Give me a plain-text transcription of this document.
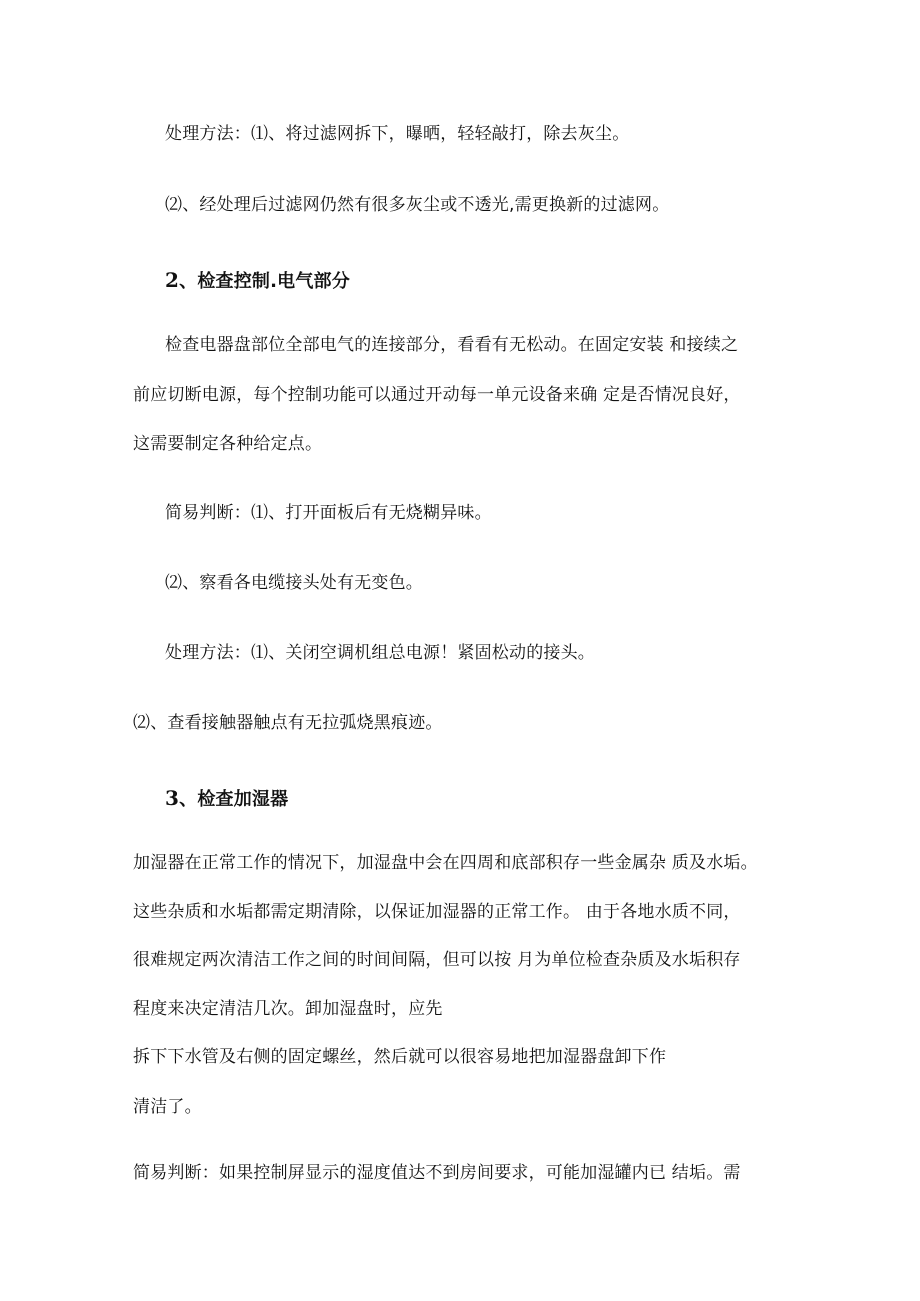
处理方法：⑴、将过滤网拆下，曝晒，轻轻敲打，除去灰尘。
⑵、经处理后过滤网仍然有很多灰尘或不透光,需更换新的过滤网。
2、检查控制.电气部分
检查电器盘部位全部电气的连接部分，看看有无松动。在固定安装 和接续之
前应切断电源，每个控制功能可以通过开动每一单元设备来确 定是否情况良好，
这需要制定各种给定点。
简易判断：⑴、打开面板后有无烧糊异味。
⑵、察看各电缆接头处有无变色。
处理方法：⑴、关闭空调机组总电源！紧固松动的接头。
⑵、查看接触器触点有无拉弧烧黑痕迹。
3、检查加湿器
加湿器在正常工作的情况下，加湿盘中会在四周和底部积存一些金属杂 质及水垢。
这些杂质和水垢都需定期清除，以保证加湿器的正常工作。 由于各地水质不同，
很难规定两次清洁工作之间的时间间隔，但可以按 月为单位检查杂质及水垢积存
程度来决定清洁几次。卸加湿盘时，应先
拆下下水管及右侧的固定螺丝，然后就可以很容易地把加湿器盘卸下作
清洁了。
简易判断：如果控制屏显示的湿度值达不到房间要求，可能加湿罐内已 结垢。需
